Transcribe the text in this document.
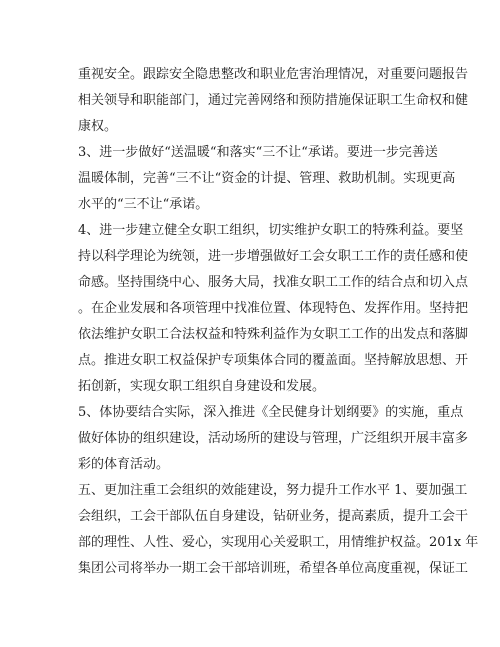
重视安全。跟踪安全隐患整改和职业危害治理情况，对重要问题报告
相关领导和职能部门，通过完善网络和预防措施保证职工生命权和健
康权。
3、进一步做好“送温暖“和落实“三不让“承诺。要进一步完善送
温暖体制，完善“三不让“资金的计提、管理、救助机制。实现更高
水平的“三不让“承诺。
4、进一步建立健全女职工组织，切实维护女职工的特殊利益。要坚
持以科学理论为统领，进一步增强做好工会女职工工作的责任感和使
命感。坚持围绕中心、服务大局，找准女职工工作的结合点和切入点
。在企业发展和各项管理中找准位置、体现特色、发挥作用。坚持把
依法维护女职工合法权益和特殊利益作为女职工工作的出发点和落脚
点。推进女职工权益保护专项集体合同的覆盖面。坚持解放思想、开
拓创新，实现女职工组织自身建设和发展。
5、体协要结合实际，深入推进《全民健身计划纲要》的实施，重点
做好体协的组织建设，活动场所的建设与管理，广泛组织开展丰富多
彩的体育活动。
五、更加注重工会组织的效能建设，努力提升工作水平 1、要加强工
会组织，工会干部队伍自身建设，钻研业务，提高素质，提升工会干
部的理性、人性、爱心，实现用心关爱职工，用情维护权益。201x 年
集团公司将举办一期工会干部培训班，希望各单位高度重视，保证工
